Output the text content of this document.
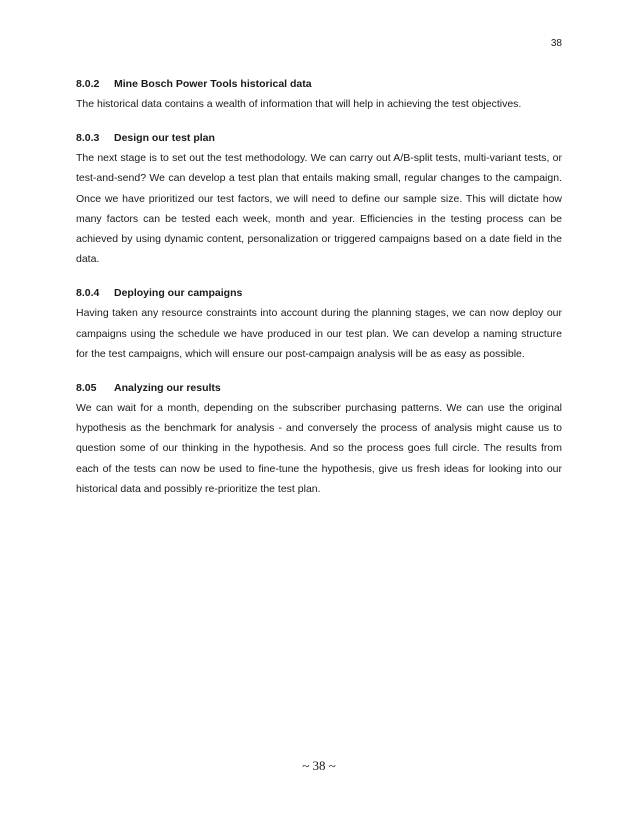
38
8.0.2	Mine Bosch Power Tools historical data

The historical data contains a wealth of information that will help in achieving the test objectives.

8.0.3	Design our test plan

The next stage is to set out the test methodology. We can carry out A/B-split tests, multi-variant tests, or test-and-send? We can develop a test plan that entails making small, regular changes to the campaign. Once we have prioritized our test factors, we will need to define our sample size. This will dictate how many factors can be tested each week, month and year. Efficiencies in the testing process can be achieved by using dynamic content, personalization or triggered campaigns based on a date field in the data.

8.0.4	Deploying our campaigns

Having taken any resource constraints into account during the planning stages, we can now deploy our campaigns using the schedule we have produced in our test plan. We can develop a naming structure for the test campaigns, which will ensure our post-campaign analysis will be as easy as possible.

8.05	Analyzing our results

We can wait for a month, depending on the subscriber purchasing patterns. We can use the original hypothesis as the benchmark for analysis - and conversely the process of analysis might cause us to question some of our thinking in the hypothesis. And so the process goes full circle. The results from each of the tests can now be used to fine-tune the hypothesis, give us fresh ideas for looking into our historical data and possibly re-prioritize the test plan.

~ 38 ~
